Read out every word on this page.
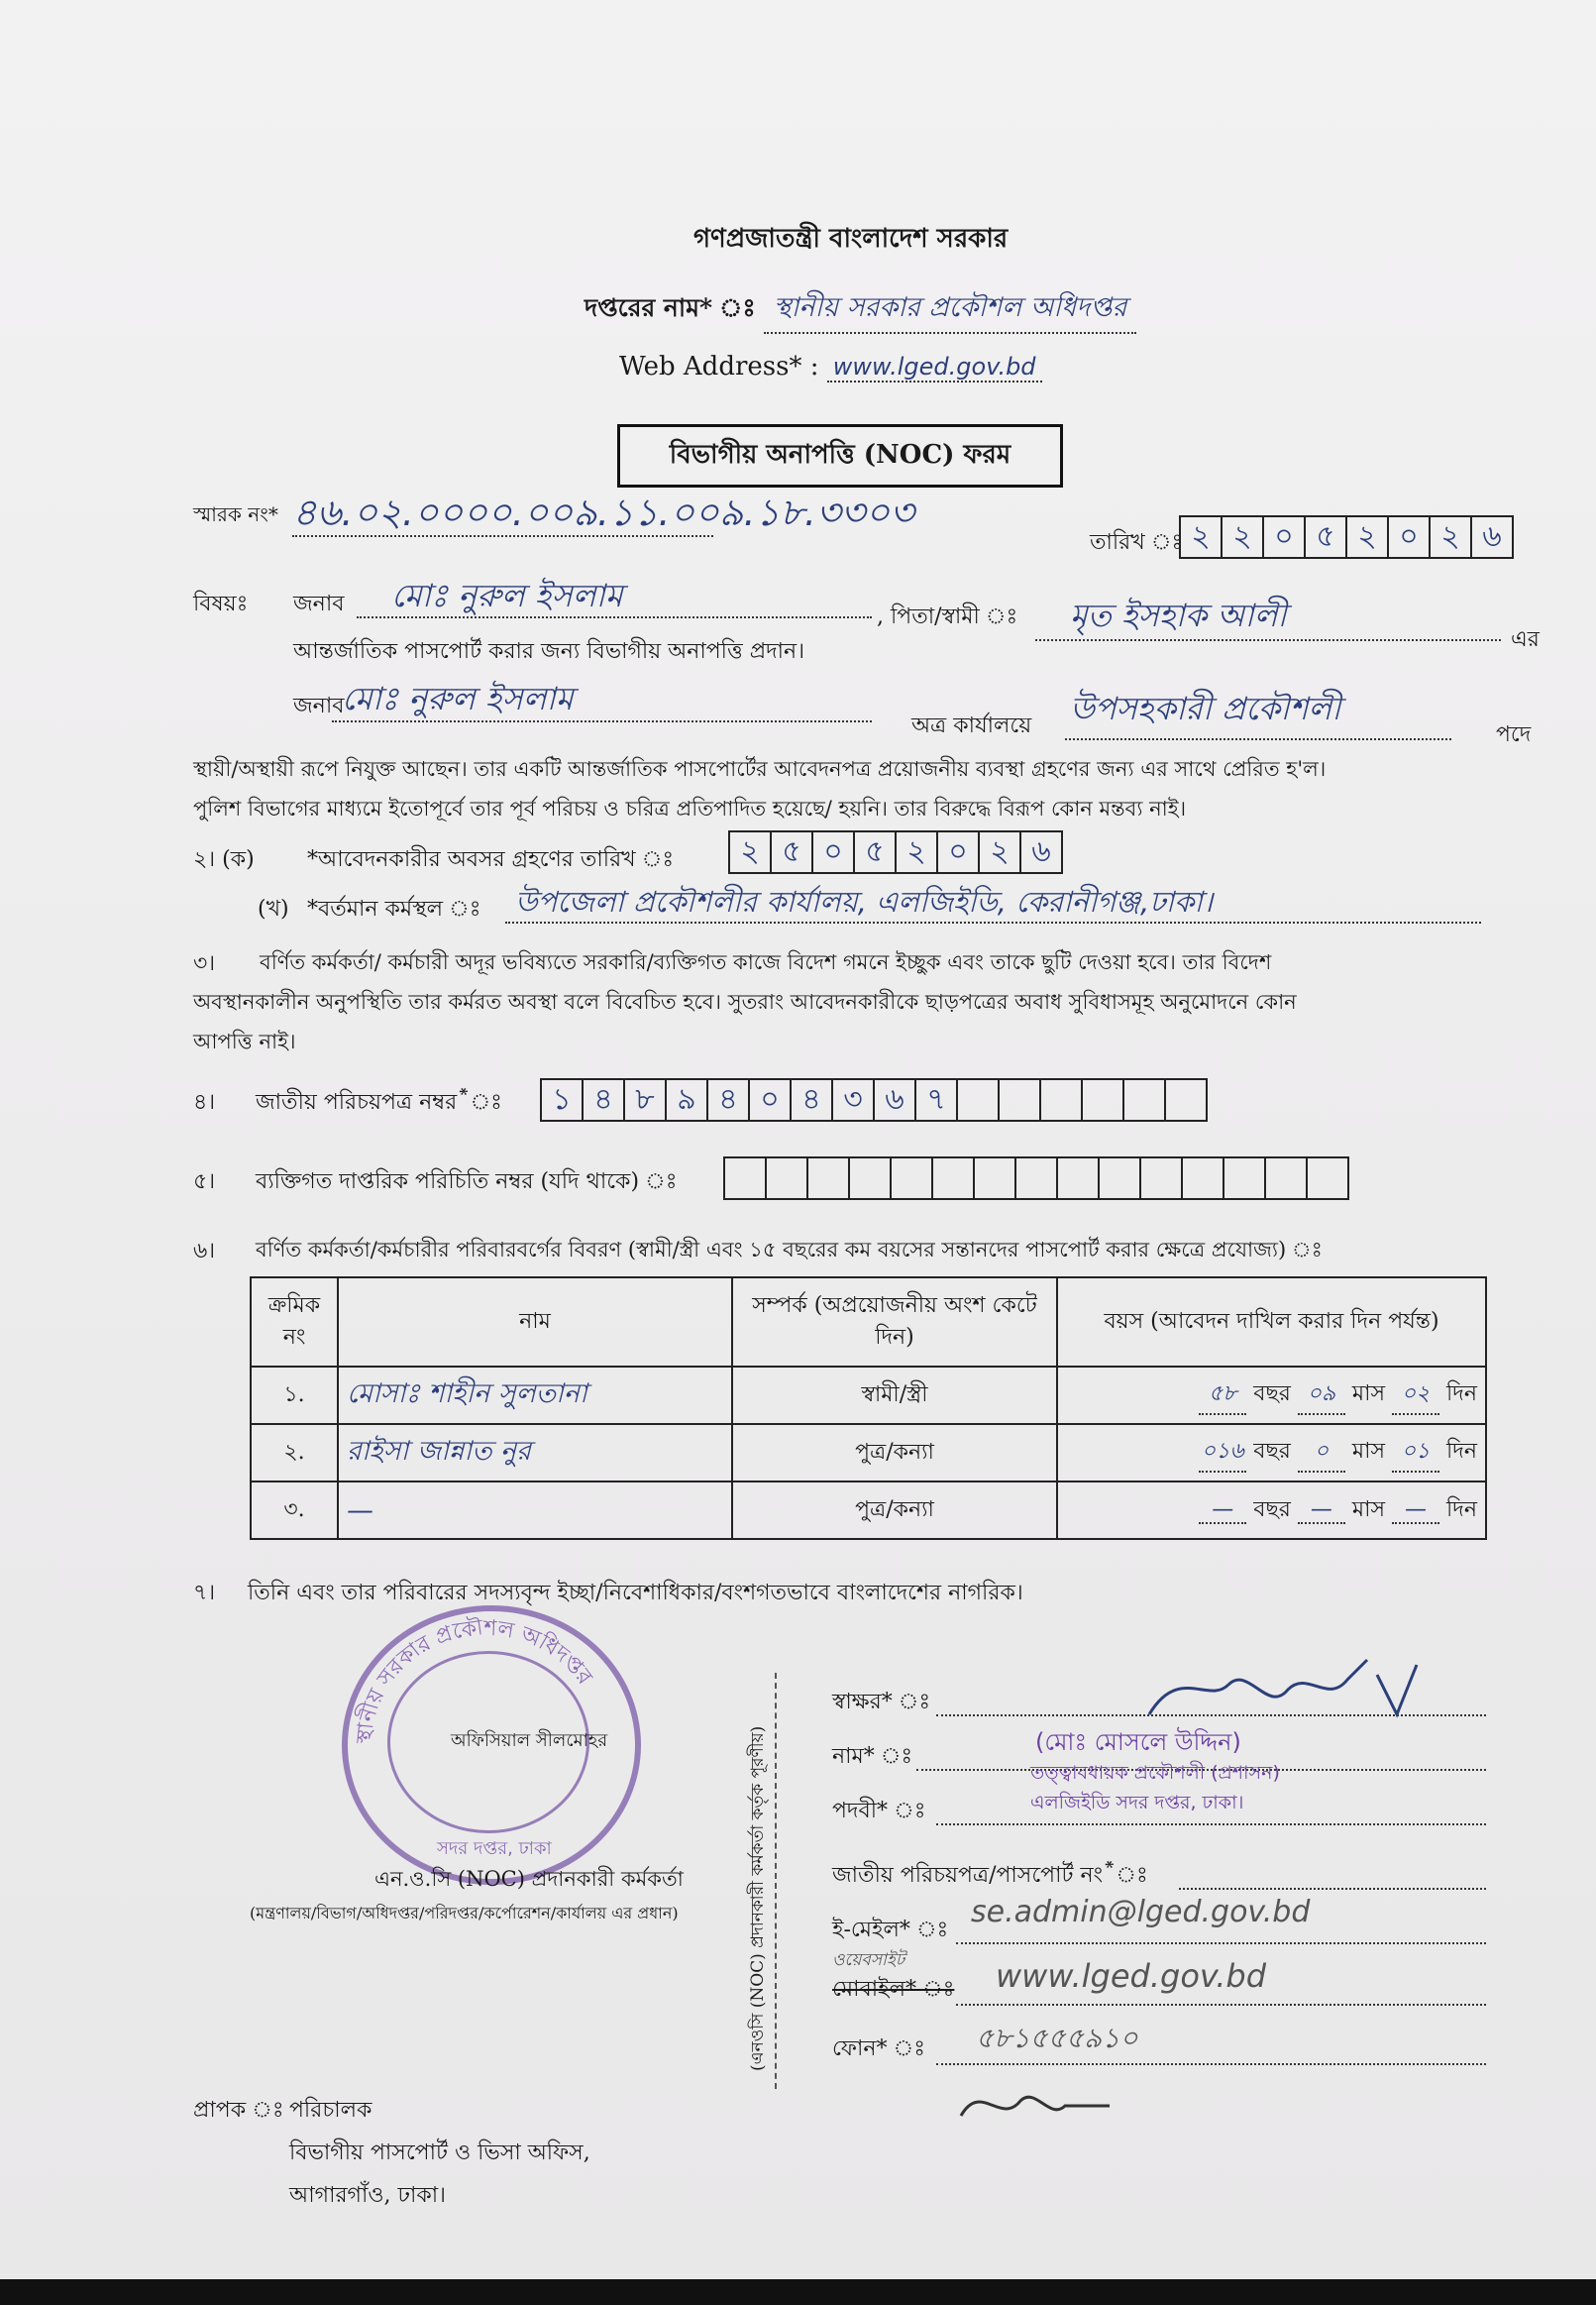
গণপ্রজাতন্ত্রী বাংলাদেশ সরকার
দপ্তরের নাম* ঃ স্থানীয় সরকার প্রকৌশল অধিদপ্তর
Web Address* : www.lged.gov.bd
বিভাগীয় অনাপত্তি (NOC) ফরম
স্মারক নং* ৪৬.০২.০০০০.০০৯.১১.০০৯.১৮.৩৩০৩
তারিখ ঃ ২ ২ ০ ৫ ২ ০ ২ ৬
বিষয়ঃ জনাব মোঃ নুরুল ইসলাম
, পিতা/স্বামী ঃ মৃত ইসহাক আলী
এর
আন্তর্জাতিক পাসপোর্ট করার জন্য বিভাগীয় অনাপত্তি প্রদান।
জনাব
মোঃ নুরুল ইসলাম
অত্র কার্যালয়ে উপসহকারী প্রকৌশলী
পদে
স্থায়ী/অস্থায়ী রূপে নিযুক্ত আছেন। তার একটি আন্তর্জাতিক পাসপোর্টের আবেদনপত্র প্রয়োজনীয় ব্যবস্থা গ্রহণের জন্য এর সাথে প্রেরিত হ'ল।
পুলিশ বিভাগের মাধ্যমে ইতোপূর্বে তার পূর্ব পরিচয় ও চরিত্র প্রতিপাদিত হয়েছে/ হয়নি। তার বিরুদ্ধে বিরূপ কোন মন্তব্য নাই।
২। (ক) *আবেদনকারীর অবসর গ্রহণের তারিখ ঃ	২ ৫ ০ ৫ ২ ০ ২ ৬
(খ) *বর্তমান কর্মস্থল ঃ উপজেলা প্রকৌশলীর কার্যালয়, এলজিইডি, কেরানীগঞ্জ,ঢাকা।
৩। বর্ণিত কর্মকর্তা/ কর্মচারী অদূর ভবিষ্যতে সরকারি/ব্যক্তিগত কাজে বিদেশ গমনে ইচ্ছুক এবং তাকে ছুটি দেওয়া হবে। তার বিদেশ
অবস্থানকালীন অনুপস্থিতি তার কর্মরত অবস্থা বলে বিবেচিত হবে। সুতরাং আবেদনকারীকে ছাড়পত্রের অবাধ সুবিধাসমূহ অনুমোদনে কোন
আপত্তি নাই।
৪। জাতীয় পরিচয়পত্র নম্বর*ঃ	১ ৪ ৮ ৯ ৪ ০ ৪ ৩ ৬ ৭
৫। ব্যক্তিগত দাপ্তরিক পরিচিতি নম্বর (যদি থাকে) ঃ
৬। বর্ণিত কর্মকর্তা/কর্মচারীর পরিবারবর্গের বিবরণ (স্বামী/স্ত্রী এবং ১৫ বছরের কম বয়সের সন্তানদের পাসপোর্ট করার ক্ষেত্রে প্রযোজ্য) ঃ
ক্রমিক নং	নাম	সম্পর্ক (অপ্রয়োজনীয় অংশ কেটে দিন)	বয়স (আবেদন দাখিল করার দিন পর্যন্ত)
১.	মোসাঃ শাহীন সুলতানা	স্বামী/স্ত্রী	৫৮ বছর ০৯ মাস ০২ দিন
২.	রাইসা জান্নাত নুর	পুত্র/কন্যা	০১৬ বছর ০ মাস ০১ দিন
৩.	—	পুত্র/কন্যা	— বছর — মাস — দিন
৭। তিনি এবং তার পরিবারের সদস্যবৃন্দ ইচ্ছা/নিবেশাধিকার/বংশগতভাবে বাংলাদেশের নাগরিক।
স্থানীয় সরকার প্রকৌশল অধিদপ্তর
সদর দপ্তর, ঢাকা
অফিসিয়াল সীলমোহর
এন.ও.সি (NOC) প্রদানকারী কর্মকর্তা
(মন্ত্রণালয়/বিভাগ/অধিদপ্তর/পরিদপ্তর/কর্পোরেশন/কার্যালয় এর প্রধান)	(এনওসি (NOC) প্রদানকারী কর্মকর্তা কর্তৃক পূরণীয়)
স্বাক্ষর* ঃ
নাম* ঃ
(মোঃ মোসলে উদ্দিন)
পদবী* ঃ
তত্ত্বাবধায়ক প্রকৌশলী (প্রশাসন)
এলজিইডি সদর দপ্তর, ঢাকা।
জাতীয় পরিচয়পত্র/পাসপোর্ট নং*ঃ
ই-মেইল* ঃ
se.admin@lged.gov.bd
ওয়েবসাইট
মোবাইল* ঃ www.lged.gov.bd
ফোন* ঃ ৫৮১৫৫৫৯১০
প্রাপক ঃ পরিচালক
বিভাগীয় পাসপোর্ট ও ভিসা অফিস,
আগারগাঁও, ঢাকা।
